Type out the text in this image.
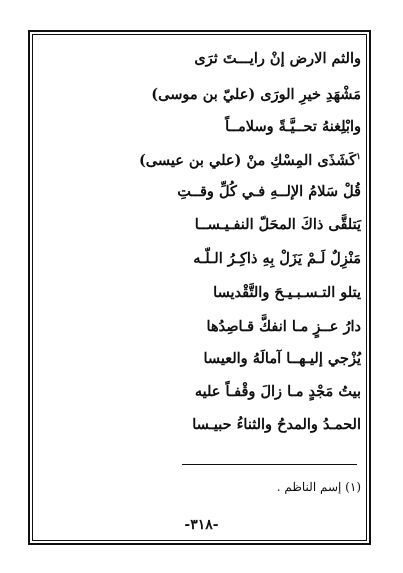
والثم الارض إنْ رايـــتَ ثرَى
مَشْهَدِ خيرِ الورَى (عليّ بن موسى)
وابْلِغنهُ تحــيَّـةً وسلامــاً
$^١$كَشَذَى المِسْكِ منْ (علي بن عيسى)
قُلْ سَلامُ الإلــهِ فـي كُلِّ وقــتِ
يَتلقَّى ذاكَ المحَلّ النفـيـســا
مَنْزِلٌ لَـمْ يَزَلْ بِهِ ذاكِـرُ الـلّـه
يتلو التـسـبـيـحَ والتَّقْديسا
دارُ عــزٍ مـا انفكَّ قـاصِدُها
يُزْجي إليـهــا آمالَهُ والعيسا
بيتُ مَجْدٍ مـا زالَ وقْفـاً عليه
الحمـدُ والمدحُ والثناءُ حبيـسا
(١) إسم الناظم .
-٣١٨-
